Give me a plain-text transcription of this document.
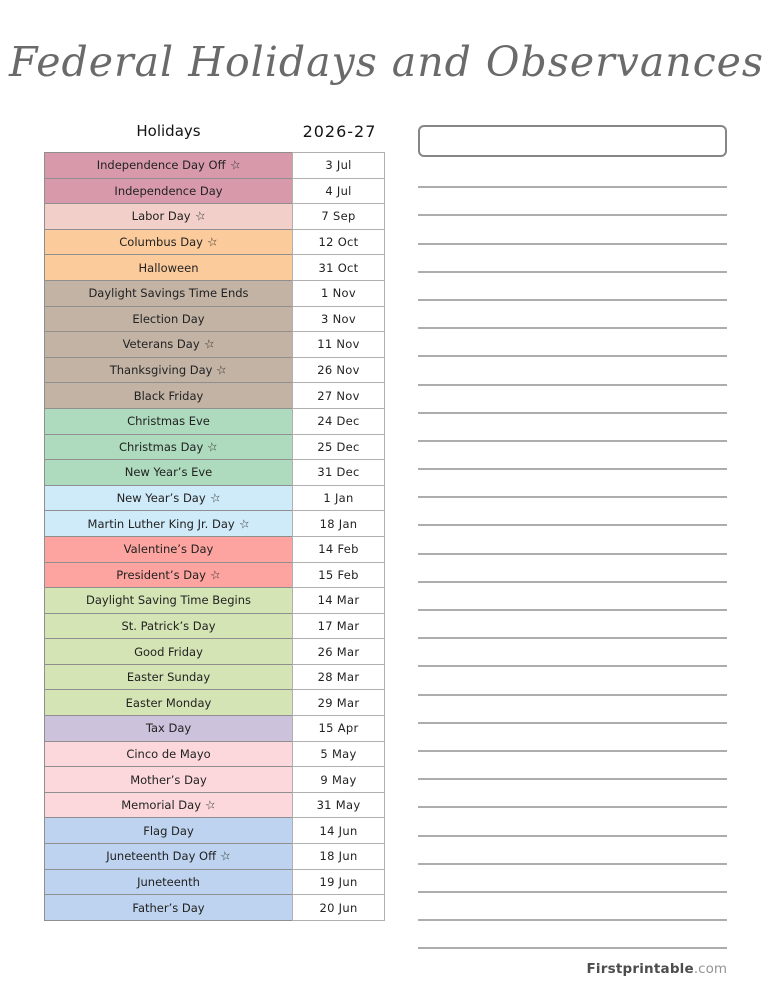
Federal Holidays and Observances
Holidays	2026-27
Independence Day Off ☆	3 Jul
Independence Day	4 Jul
Labor Day ☆	7 Sep
Columbus Day ☆	12 Oct
Halloween	31 Oct
Daylight Savings Time Ends	1 Nov
Election Day	3 Nov
Veterans Day ☆	11 Nov
Thanksgiving Day ☆	26 Nov
Black Friday	27 Nov
Christmas Eve	24 Dec
Christmas Day ☆	25 Dec
New Year’s Eve	31 Dec
New Year’s Day ☆	1 Jan
Martin Luther King Jr. Day ☆	18 Jan
Valentine’s Day	14 Feb
President’s Day ☆	15 Feb
Daylight Saving Time Begins	14 Mar
St. Patrick’s Day	17 Mar
Good Friday	26 Mar
Easter Sunday	28 Mar
Easter Monday	29 Mar
Tax Day	15 Apr
Cinco de Mayo	5 May
Mother’s Day	9 May
Memorial Day ☆	31 May
Flag Day	14 Jun
Juneteenth Day Off ☆	18 Jun
Juneteenth	19 Jun
Father’s Day	20 Jun
Firstprintable.com
